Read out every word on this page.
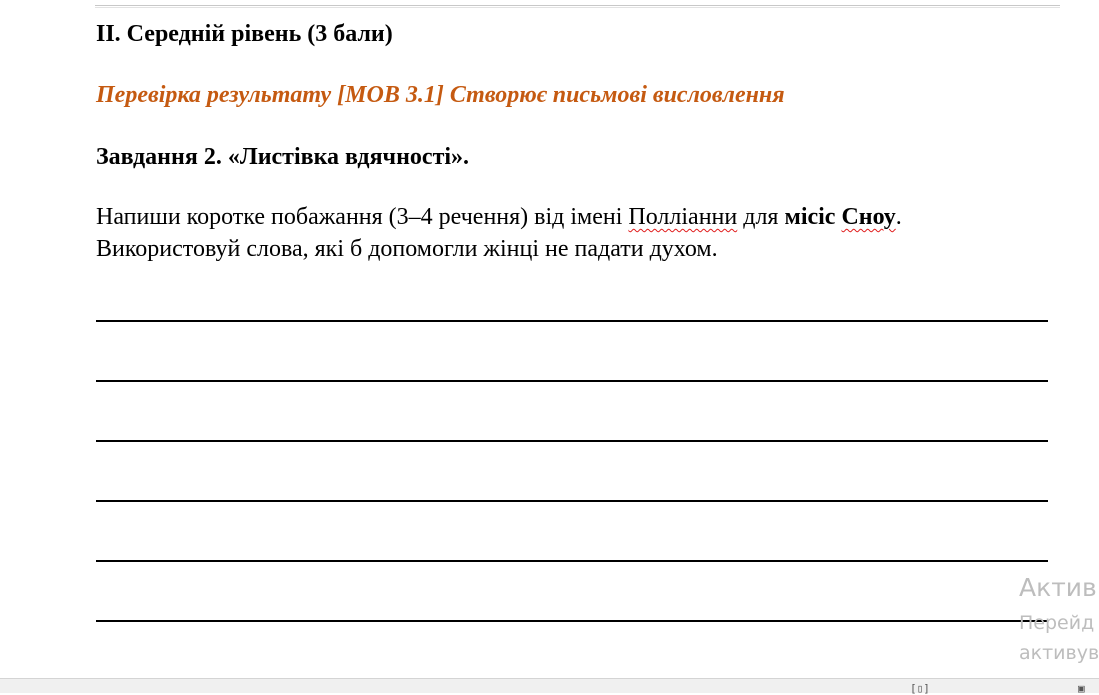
ІІ. Середній рівень (3 бали)
Перевірка результату [МОВ 3.1] Створює письмові висловлення
Завдання 2. «Листівка вдячності».
Напиши коротке побажання (3–4 речення) від імені Полліанни для місіс Сноу.
Використовуй слова, які б допомогли жінці не падати духом.
Актив
Перейд
активув
[▯]	▣
